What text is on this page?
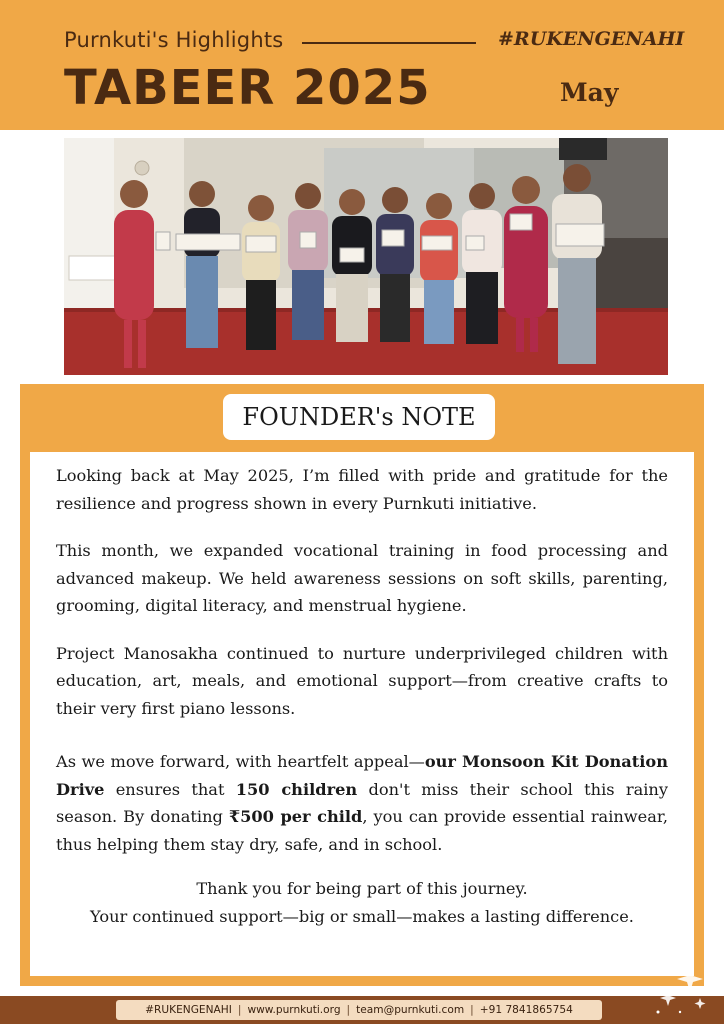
Purnkuti's Highlights	#RUKENGENAHI
TABEER 2025	May
FOUNDER's NOTE

Looking back at May 2025, I’m filled with pride and gratitude for the resilience and progress shown in every Purnkuti initiative.

This month, we expanded vocational training in food processing and advanced makeup. We held awareness sessions on soft skills, parenting, grooming, digital literacy, and menstrual hygiene.

Project Manosakha continued to nurture underprivileged children with education, art, meals, and emotional support—from creative crafts to their very first piano lessons.

As we move forward, with heartfelt appeal—our Monsoon Kit Donation Drive ensures that 150 children don't miss their school this rainy season. By donating ₹500 per child, you can provide essential rainwear, thus helping them stay dry, safe, and in school.

Thank you for being part of this journey.
Your continued support—big or small—makes a lasting difference.
#RUKENGENAHI | www.purnkuti.org | team@purnkuti.com | +91 7841865754
